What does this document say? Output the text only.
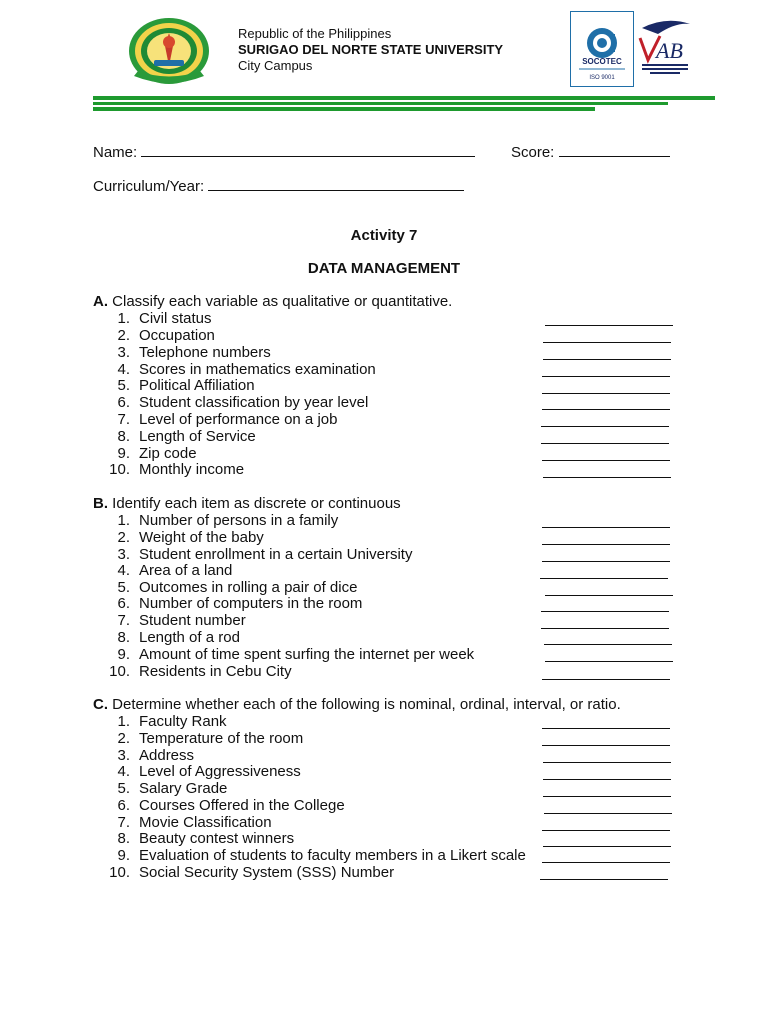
Republic of the Philippines
SURIGAO DEL NORTE STATE UNIVERSITY
City Campus	SOCOTEC
ISO 9001
AB
Name:	Score:
Curriculum/Year:
Activity 7
DATA MANAGEMENT
A. Classify each variable as qualitative or quantitative.
1. Civil status
2. Occupation
3. Telephone numbers
4. Scores in mathematics examination
5. Political Affiliation
6. Student classification by year level
7. Level of performance on a job
8. Length of Service
9. Zip code
10. Monthly income
B. Identify each item as discrete or continuous
1. Number of persons in a family
2. Weight of the baby
3. Student enrollment in a certain University
4. Area of a land
5. Outcomes in rolling a pair of dice
6. Number of computers in the room
7. Student number
8. Length of a rod
9. Amount of time spent surfing the internet per week
10. Residents in Cebu City
C. Determine whether each of the following is nominal, ordinal, interval, or ratio.
1. Faculty Rank
2. Temperature of the room
3. Address
4. Level of Aggressiveness
5. Salary Grade
6. Courses Offered in the College
7. Movie Classification
8. Beauty contest winners
9. Evaluation of students to faculty members in a Likert scale
10. Social Security System (SSS) Number
